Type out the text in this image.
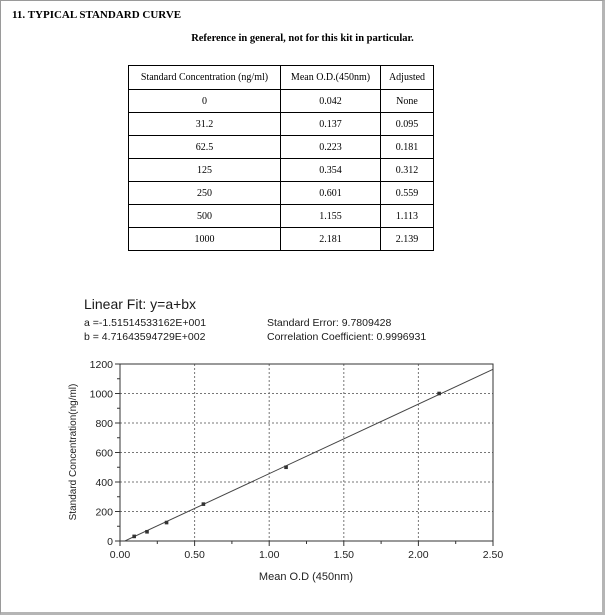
11. TYPICAL STANDARD CURVE
Reference in general, not for this kit in particular.
Standard Concentration (ng/ml)	Mean O.D.(450nm)	Adjusted
0	0.042	None
31.2	0.137	0.095
62.5	0.223	0.181
125	0.354	0.312
250	0.601	0.559
500	1.155	1.113
1000	2.181	2.139
Linear Fit: y=a+bx
a =-1.51514533162E+001
b = 4.71643594729E+002
Standard Error: 9.7809428
Correlation Coefficient: 0.9996931
0
200
400
600
800
1000
1200
0.00	0.50	1.00	1.50	2.00	2.50
Mean O.D (450nm)
Standard Concentration(ng/ml)
